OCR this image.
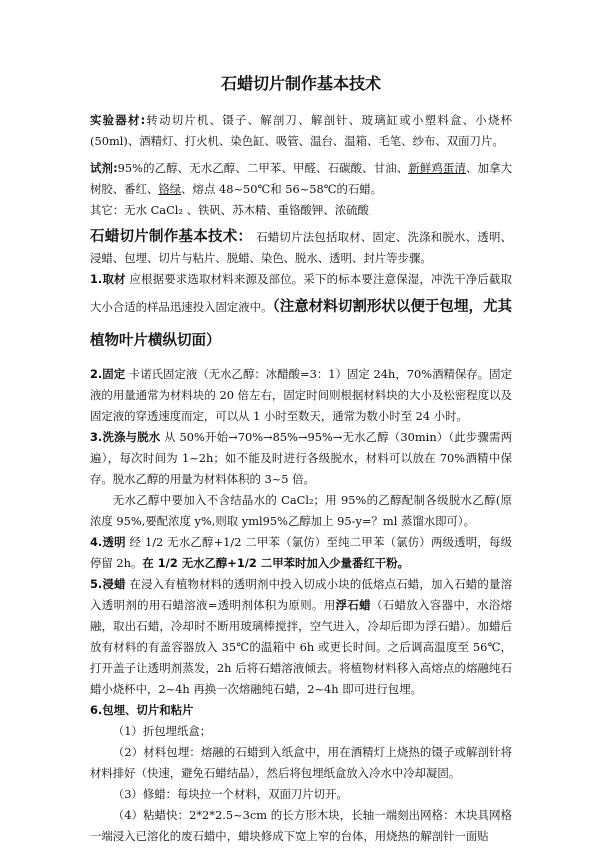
石蜡切片制作基本技术

实验器材:转动切片机、镊子、解剖刀、解剖针、玻璃缸或小塑料盒、小烧杯(50ml)、酒精灯、打火机、染色缸、吸管、温台、温箱、毛笔、纱布、双面刀片。

试剂:95%的乙醇、无水乙醇、二甲苯、甲醛、石碳酸、甘油、新鲜鸡蛋清、加拿大树胶、番红、铬绿、熔点 48~50℃和 56~58℃的石蜡。

其它：无水 CaCl₂ 、铁矾、苏木精、重铬酸钾、浓硫酸

石蜡切片制作基本技术： 石蜡切片法包括取材、固定、洗涤和脱水、透明、浸蜡、包埋、切片与粘片、脱蜡、染色、脱水、透明、封片等步骤。

1.取材 应根据要求选取材料来源及部位。采下的标本要注意保湿，冲洗干净后截取大小合适的样品迅速投入固定液中。（注意材料切割形状以便于包埋，尤其植物叶片横纵切面）

2.固定 卡诺氏固定液（无水乙醇：冰醋酸=3：1）固定 24h，70%酒精保存。固定液的用量通常为材料块的 20 倍左右，固定时间则根据材料块的大小及松密程度以及固定液的穿透速度而定，可以从 1 小时至数天，通常为数小时至 24 小时。

3.洗涤与脱水 从 50%开始→70%→85%→95%→无水乙醇（30min）（此步骤需两遍），每次时间为 1~2h；如不能及时进行各级脱水，材料可以放在 70%酒精中保存。脱水乙醇的用量为材料体积的 3~5 倍。

无水乙醇中要加入不含结晶水的 CaCl₂；用 95%的乙醇配制各级脱水乙醇(原浓度 95%,要配浓度 y%,则取 yml95%乙醇加上 95-y=？ml 蒸馏水即可）。

4.透明 经 1/2 无水乙醇+1/2 二甲苯（氯仿）至纯二甲苯（氯仿）两级透明，每级停留 2h。在 1/2 无水乙醇+1/2 二甲苯时加入少量番红干粉。

5.浸蜡 在浸入有植物材料的透明剂中投入切成小块的低熔点石蜡，加入石蜡的量溶入透明剂的用石蜡溶液=透明剂体积为原则。用浮石蜡（石蜡放入容器中，水浴熔融，取出石蜡，冷却时不断用玻璃棒搅拌，空气进入，冷却后即为浮石蜡）。加蜡后放有材料的有盖容器放入 35℃的温箱中 6h 或更长时间。之后调高温度至 56℃，打开盖子让透明剂蒸发，2h 后将石蜡溶液倾去。将植物材料移入高熔点的熔融纯石蜡小烧杯中，2~4h 再换一次熔融纯石蜡，2~4h 即可进行包埋。

6.包埋、切片和粘片

（1）折包埋纸盒；

（2）材料包埋：熔融的石蜡到入纸盒中，用在酒精灯上烧热的镊子或解剖针将材料排好（快速，避免石蜡结晶），然后将包埋纸盒放入冷水中冷却凝固。

（3）修蜡：每块拉一个材料，双面刀片切开。

（4）粘蜡快：2*2*2.5~3cm 的长方形木块，长轴一端刻出网格：木块具网格一端浸入已溶化的废石蜡中，蜡块修成下宽上窄的台体，用烧热的解剖针一面贴
